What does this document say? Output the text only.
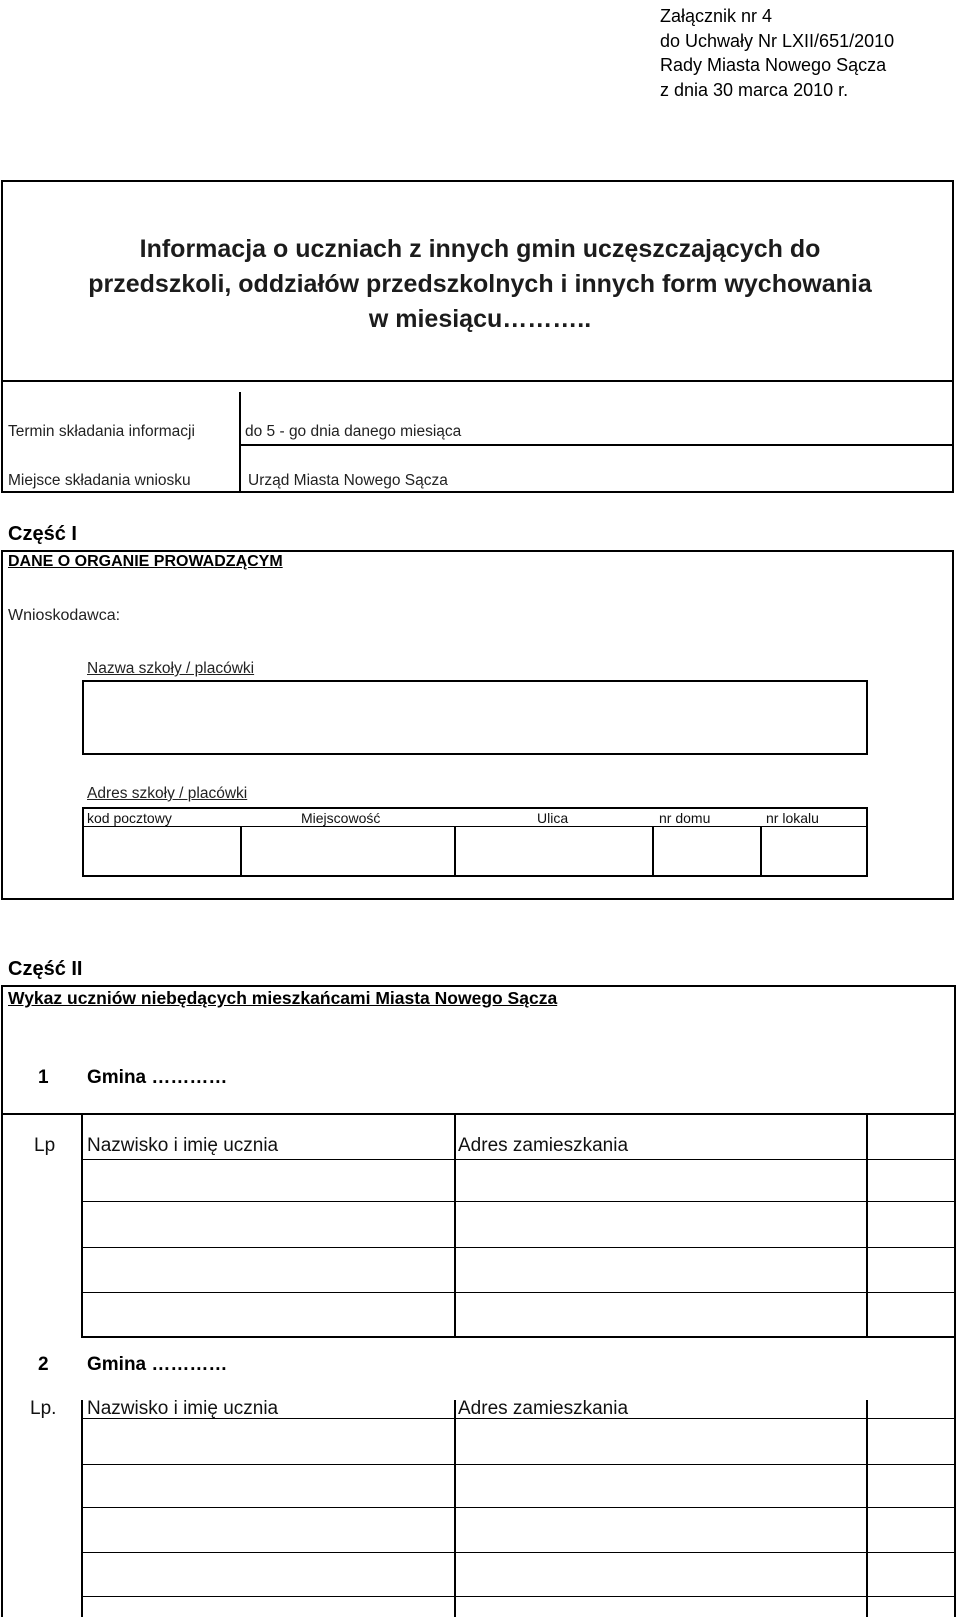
Załącznik nr 4
do Uchwały Nr LXII/651/2010
Rady Miasta Nowego Sącza
z dnia 30 marca 2010 r.
Informacja o uczniach z innych gmin uczęszczających do
przedszkoli, oddziałów przedszkolnych i innych form wychowania
w miesiącu………..
Termin składania informacji	do 5 - go dnia danego miesiąca
Miejsce składania wniosku	Urząd Miasta Nowego Sącza
Część I
DANE O ORGANIE PROWADZĄCYM
Wnioskodawca:
Nazwa szkoły / placówki
Adres szkoły / placówki
kod pocztowy	Miejscowość	Ulica	nr domu	nr lokalu
Część II
Wykaz uczniów niebędących mieszkańcami Miasta Nowego Sącza
1 Gmina …………
Lp Nazwisko i imię ucznia	Adres zamieszkania
2 Gmina …………
Lp. Nazwisko i imię ucznia	Adres zamieszkania
